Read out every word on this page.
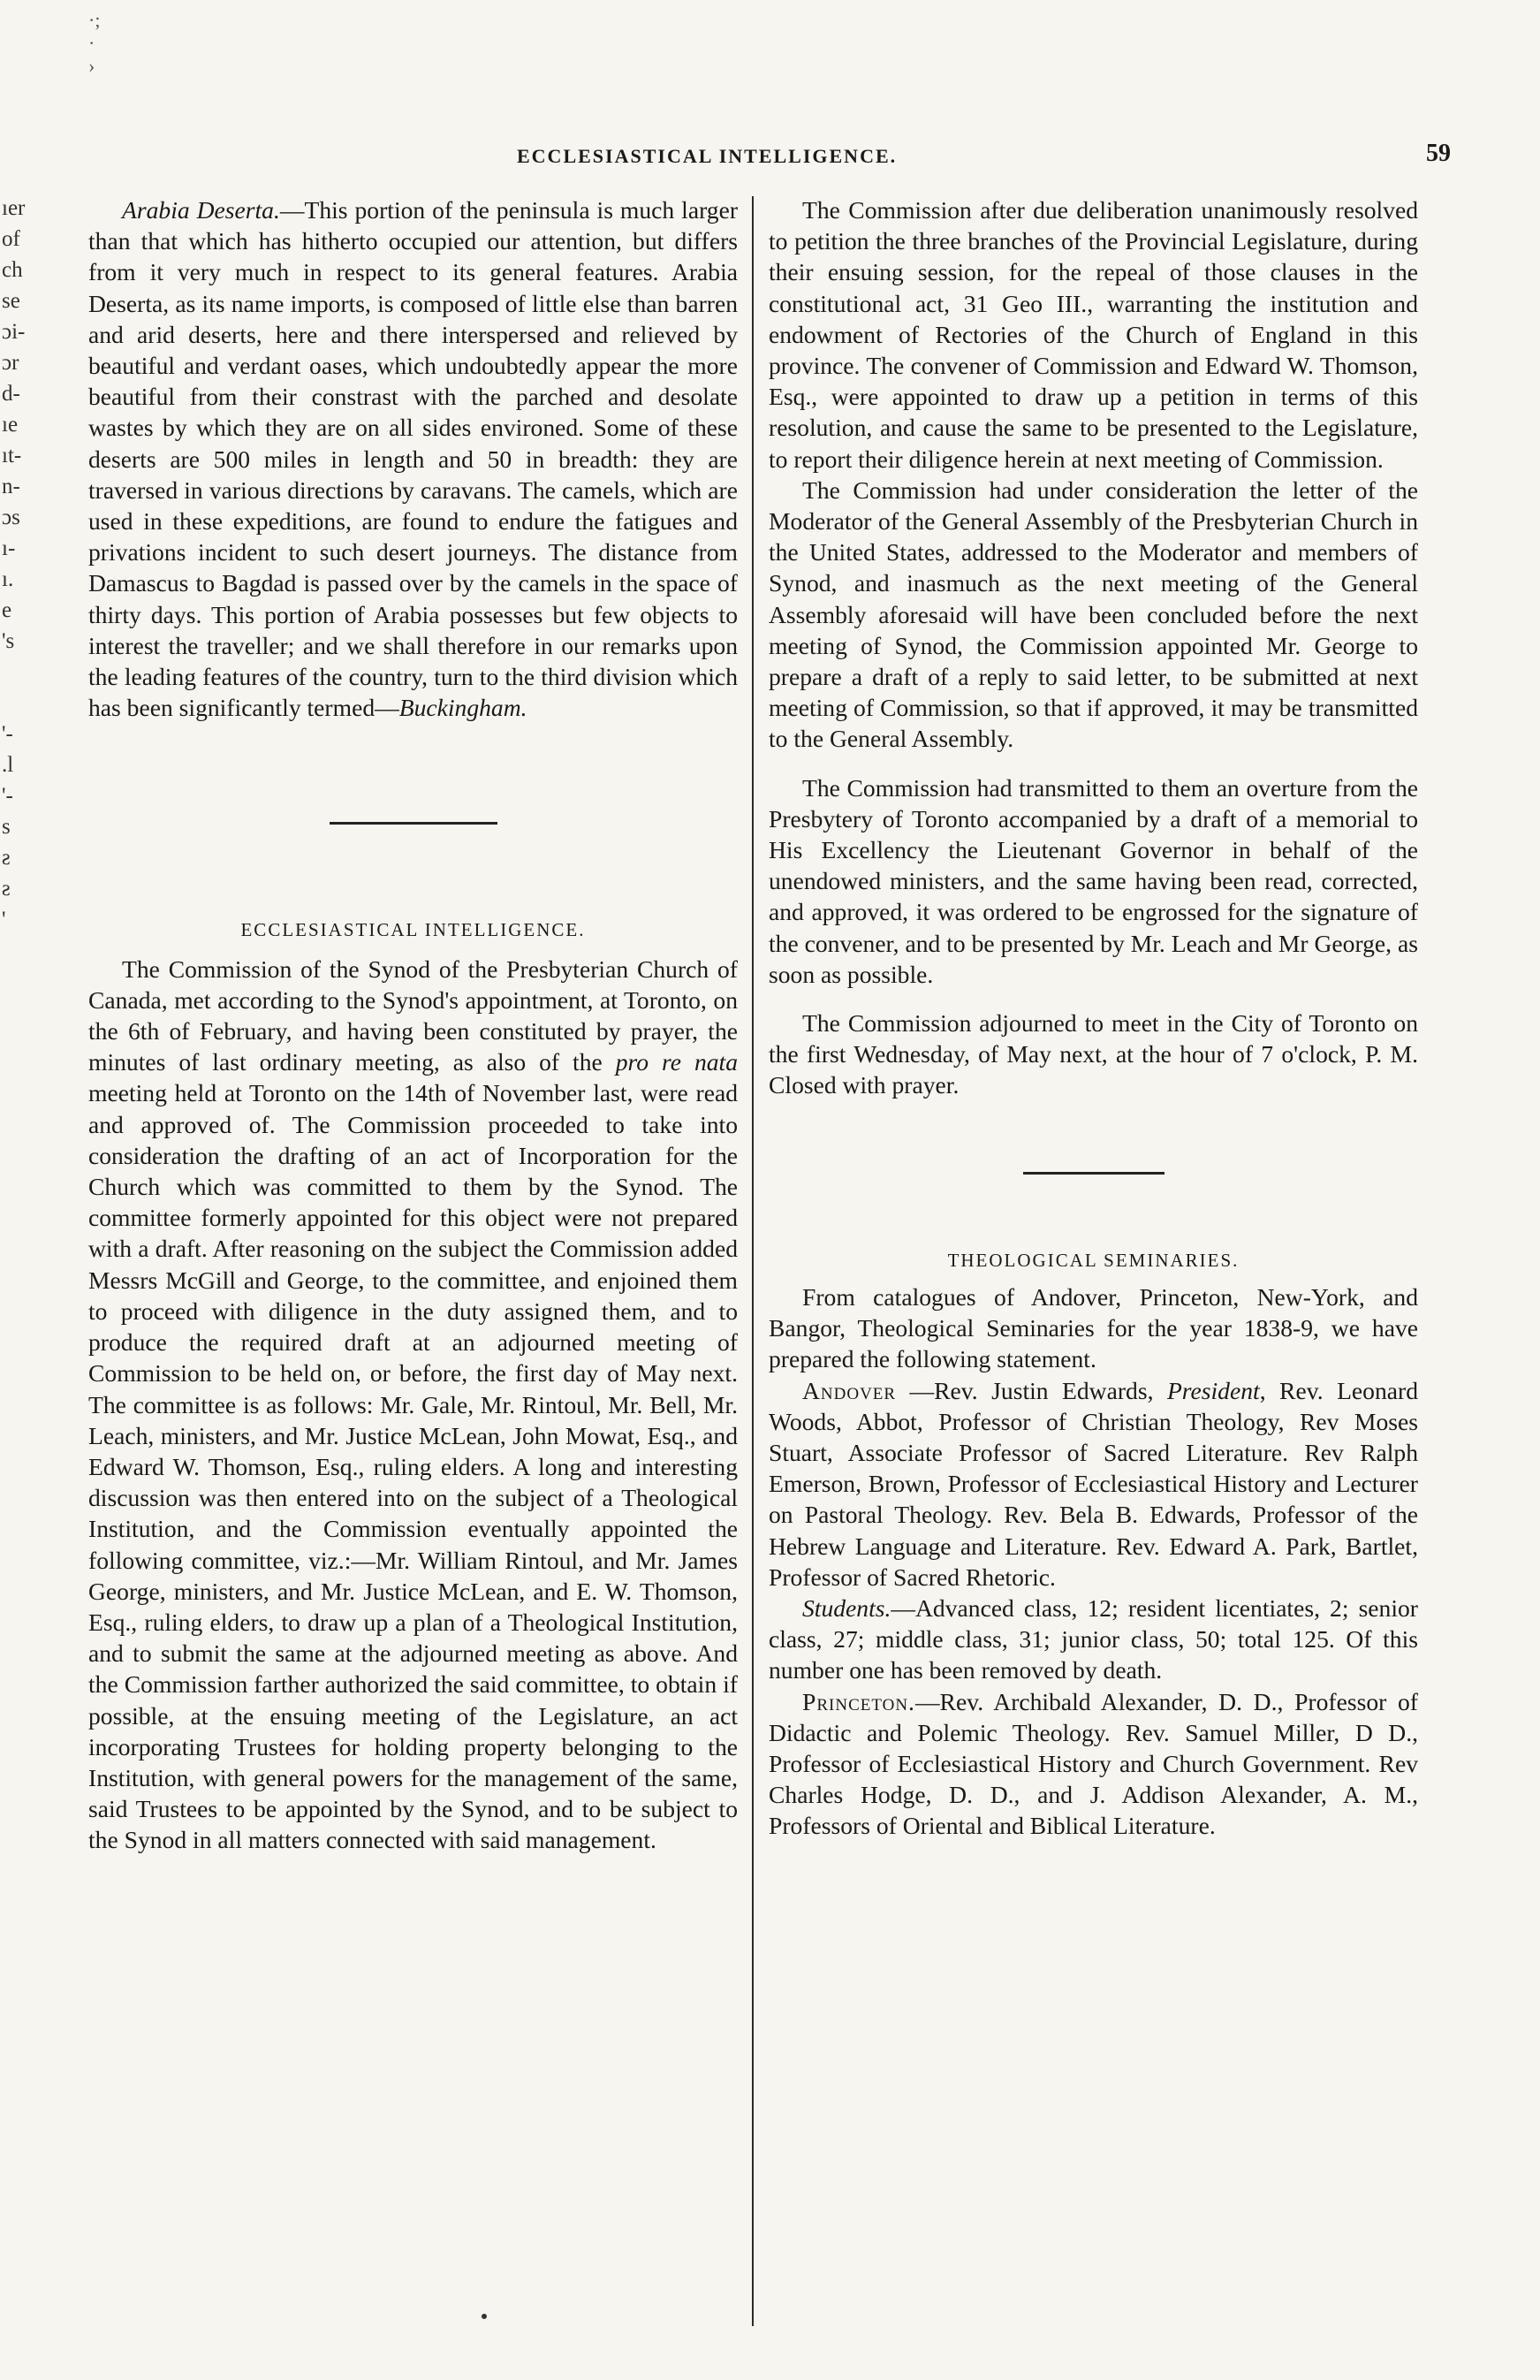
·;
·
›
ECCLESIASTICAL INTELLIGENCE.	59
ıer
of
ch
se
ɔi-
ɔr
d-
ıe
ıt-
n-
ɔs
ı-
ı.
e
's
'-
.l
'-
s
ƨ
ƨ
'

Arabia Deserta.—This portion of the peninsula is much larger than that which has hitherto occupied our attention, but differs from it very much in respect to its general features. Arabia Deserta, as its name imports, is composed of little else than barren and arid deserts, here and there interspersed and relieved by beautiful and verdant oases, which undoubtedly appear the more beautiful from their constrast with the parched and desolate wastes by which they are on all sides environed. Some of these deserts are 500 miles in length and 50 in breadth: they are traversed in various directions by caravans. The camels, which are used in these expeditions, are found to endure the fatigues and privations incident to such desert journeys. The distance from Damascus to Bagdad is passed over by the camels in the space of thirty days. This portion of Arabia possesses but few objects to interest the traveller; and we shall therefore in our remarks upon the leading features of the country, turn to the third division which has been significantly termed—Buckingham.

ECCLESIASTICAL INTELLIGENCE.

The Commission of the Synod of the Presbyterian Church of Canada, met according to the Synod's appointment, at Toronto, on the 6th of February, and having been constituted by prayer, the minutes of last ordinary meeting, as also of the pro re nata meeting held at Toronto on the 14th of November last, were read and approved of. The Commission proceeded to take into consideration the drafting of an act of Incorporation for the Church which was committed to them by the Synod. The committee formerly appointed for this object were not prepared with a draft. After reasoning on the subject the Commission added Messrs McGill and George, to the committee, and enjoined them to proceed with diligence in the duty assigned them, and to produce the required draft at an adjourned meeting of Commission to be held on, or before, the first day of May next. The committee is as follows: Mr. Gale, Mr. Rintoul, Mr. Bell, Mr. Leach, ministers, and Mr. Justice McLean, John Mowat, Esq., and Edward W. Thomson, Esq., ruling elders. A long and interesting discussion was then entered into on the subject of a Theological Institution, and the Commission eventually appointed the following committee, viz.:—Mr. William Rintoul, and Mr. James George, ministers, and Mr. Justice McLean, and E. W. Thomson, Esq., ruling elders, to draw up a plan of a Theological Institution, and to submit the same at the adjourned meeting as above. And the Commission farther authorized the said committee, to obtain if possible, at the ensuing meeting of the Legislature, an act incorporating Trustees for holding property belonging to the Institution, with general powers for the management of the same, said Trustees to be appointed by the Synod, and to be subject to the Synod in all matters connected with said management.

The Commission after due deliberation unanimously resolved to petition the three branches of the Provincial Legislature, during their ensuing session, for the repeal of those clauses in the constitutional act, 31 Geo III., warranting the institution and endowment of Rectories of the Church of England in this province. The convener of Commission and Edward W. Thomson, Esq., were appointed to draw up a petition in terms of this resolution, and cause the same to be presented to the Legislature, to report their diligence herein at next meeting of Commission.

The Commission had under consideration the letter of the Moderator of the General Assembly of the Presbyterian Church in the United States, addressed to the Moderator and members of Synod, and inasmuch as the next meeting of the General Assembly aforesaid will have been concluded before the next meeting of Synod, the Commission appointed Mr. George to prepare a draft of a reply to said letter, to be submitted at next meeting of Commission, so that if approved, it may be transmitted to the General Assembly.

The Commission had transmitted to them an overture from the Presbytery of Toronto accompanied by a draft of a memorial to His Excellency the Lieutenant Governor in behalf of the unendowed ministers, and the same having been read, corrected, and approved, it was ordered to be engrossed for the signature of the convener, and to be presented by Mr. Leach and Mr George, as soon as possible.

The Commission adjourned to meet in the City of Toronto on the first Wednesday, of May next, at the hour of 7 o'clock, P. M. Closed with prayer.

THEOLOGICAL SEMINARIES.

From catalogues of Andover, Princeton, New-York, and Bangor, Theological Seminaries for the year 1838-9, we have prepared the following statement.

Andover —Rev. Justin Edwards, President, Rev. Leonard Woods, Abbot, Professor of Christian Theology, Rev Moses Stuart, Associate Professor of Sacred Literature. Rev Ralph Emerson, Brown, Professor of Ecclesiastical History and Lecturer on Pastoral Theology. Rev. Bela B. Edwards, Professor of the Hebrew Language and Literature. Rev. Edward A. Park, Bartlet, Professor of Sacred Rhetoric.

Students.—Advanced class, 12; resident licentiates, 2; senior class, 27; middle class, 31; junior class, 50; total 125. Of this number one has been removed by death.

Princeton.—Rev. Archibald Alexander, D. D., Professor of Didactic and Polemic Theology. Rev. Samuel Miller, D D., Professor of Ecclesiastical History and Church Government. Rev Charles Hodge, D. D., and J. Addison Alexander, A. M., Professors of Oriental and Biblical Literature.
